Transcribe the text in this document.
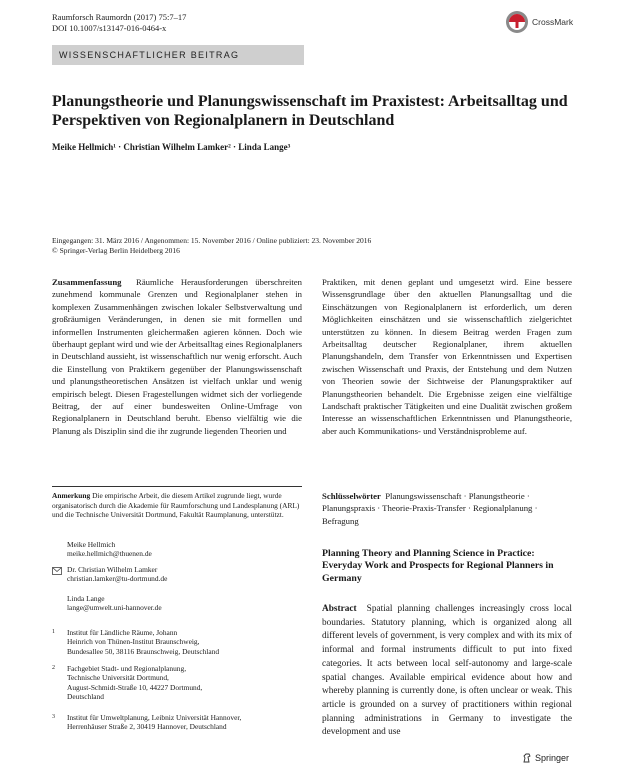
Raumforsch Raumordn (2017) 75:7–17
DOI 10.1007/s13147-016-0464-x
CrossMark
WISSENSCHAFTLICHER BEITRAG
Planungstheorie und Planungswissenschaft im Praxistest: Arbeitsalltag und Perspektiven von Regionalplanern in Deutschland
Meike Hellmich¹ · Christian Wilhelm Lamker² · Linda Lange³
Eingegangen: 31. März 2016 / Angenommen: 15. November 2016 / Online publiziert: 23. November 2016
© Springer-Verlag Berlin Heidelberg 2016
Zusammenfassung Räumliche Herausforderungen überschreiten zunehmend kommunale Grenzen und Regionalplaner stehen in komplexen Zusammenhängen zwischen lokaler Selbstverwaltung und großräumigen Veränderungen, in denen sie mit formellen und informellen Instrumenten gleichermaßen agieren können. Doch wie überhaupt geplant wird und wie der Arbeitsalltag eines Regionalplaners in Deutschland aussieht, ist wissenschaftlich nur wenig erforscht. Auch die Einstellung von Praktikern gegenüber der Planungswissenschaft und planungstheoretischen Ansätzen ist vielfach unklar und wenig empirisch belegt. Diesen Fragestellungen widmet sich der vorliegende Beitrag, der auf einer bundesweiten Online-Umfrage von Regionalplanern in Deutschland beruht. Ebenso vielfältig wie die Planung als Disziplin sind die ihr zugrunde liegenden Theorien und
Praktiken, mit denen geplant und umgesetzt wird. Eine bessere Wissensgrundlage über den aktuellen Planungsalltag und die Einschätzungen von Regionalplanern ist erforderlich, um deren Möglichkeiten einschätzen und sie wissenschaftlich zielgerichtet unterstützen zu können. In diesem Beitrag werden Fragen zum Arbeitsalltag deutscher Regionalplaner, ihrem aktuellen Planungshandeln, dem Transfer von Erkenntnissen und Expertisen zwischen Wissenschaft und Praxis, der Entstehung und dem Nutzen von Theorien sowie der Sichtweise der Planungspraktiker auf Planungstheorien behandelt. Die Ergebnisse zeigen eine vielfältige Landschaft praktischer Tätigkeiten und eine Dualität zwischen großem Interesse an wissenschaftlichen Erkenntnissen und Planungstheorie, aber auch Kommunikations- und Verständnisprobleme auf.
Anmerkung Die empirische Arbeit, die diesem Artikel zugrunde liegt, wurde organisatorisch durch die Akademie für Raumforschung und Landesplanung (ARL) und die Technische Universität Dortmund, Fakultät Raumplanung, unterstützt.
Meike Hellmich
meike.hellmich@thuenen.de
Dr. Christian Wilhelm Lamker
christian.lamker@tu-dortmund.de
Linda Lange
lange@umwelt.uni-hannover.de
1 Institut für Ländliche Räume, Johann
Heinrich von Thünen-Institut Braunschweig,
Bundesallee 50, 38116 Braunschweig, Deutschland
2 Fachgebiet Stadt- und Regionalplanung,
Technische Universität Dortmund,
August-Schmidt-Straße 10, 44227 Dortmund,
Deutschland
3 Institut für Umweltplanung, Leibniz Universität Hannover,
Herrenhäuser Straße 2, 30419 Hannover, Deutschland
Schlüsselwörter Planungswissenschaft · Planungstheorie · Planungspraxis · Theorie-Praxis-Transfer · Regionalplanung · Befragung
Planning Theory and Planning Science in Practice: Everyday Work and Prospects for Regional Planners in Germany
Abstract Spatial planning challenges increasingly cross local boundaries. Statutory planning, which is organized along all different levels of government, is very complex and with its mix of informal and formal instruments difficult to put into fixed categories. It acts between local self-autonomy and large-scale spatial changes. Available empirical evidence about how and whereby planning is currently done, is often unclear or weak. This article is grounded on a survey of practitioners within regional planning administrations in Germany to investigate the development and use
Springer
